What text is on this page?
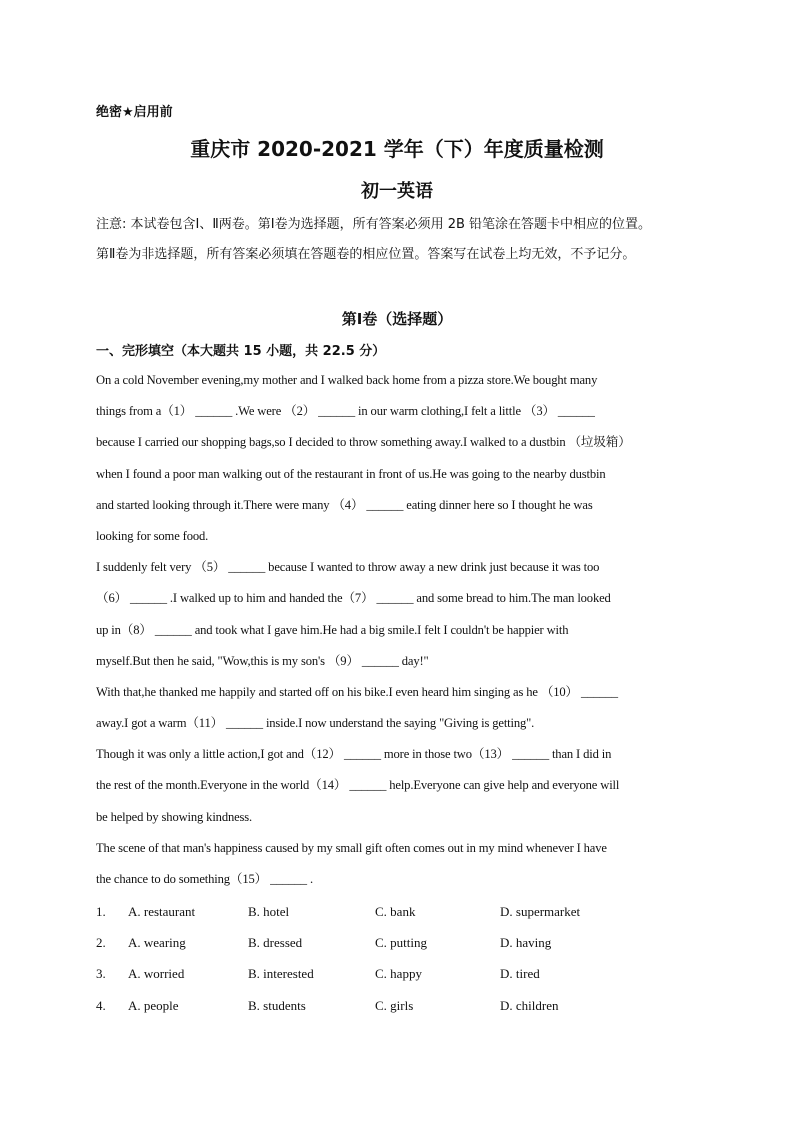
绝密★启用前
重庆市 2020-2021 学年（下）年度质量检测
初一英语
注意: 本试卷包含Ⅰ、Ⅱ两卷。第Ⅰ卷为选择题，所有答案必须用 2B 铅笔涂在答题卡中相应的位置。
第Ⅱ卷为非选择题，所有答案必须填在答题卷的相应位置。答案写在试卷上均无效，不予记分。
第Ⅰ卷（选择题）
一、完形填空（本大题共 15 小题，共 22.5 分）
On a cold November evening,my mother and I walked back home from a pizza store.We bought many
things from a（1） ______ .We were （2） ______ in our warm clothing,I felt a little （3） ______
because I carried our shopping bags,so I decided to throw something away.I walked to a dustbin （垃圾箱）
when I found a poor man walking out of the restaurant in front of us.He was going to the nearby dustbin
and started looking through it.There were many （4） ______ eating dinner here so I thought he was
looking for some food.
I suddenly felt very （5） ______ because I wanted to throw away a new drink just because it was too
（6） ______ .I walked up to him and handed the（7） ______ and some bread to him.The man looked
up in（8） ______ and took what I gave him.He had a big smile.I felt I couldn't be happier with
myself.But then he said, "Wow,this is my son's （9） ______ day!"
With that,he thanked me happily and started off on his bike.I even heard him singing as he （10） ______
away.I got a warm（11） ______ inside.I now understand the saying "Giving is getting".
Though it was only a little action,I got and（12） ______ more in those two（13） ______ than I did in
the rest of the month.Everyone in the world（14） ______ help.Everyone can give help and everyone will
be helped by showing kindness.
The scene of that man's happiness caused by my small gift often comes out in my mind whenever I have
the chance to do something（15） ______ .
1. A. restaurant	B. hotel	C. bank	D. supermarket
2. A. wearing	B. dressed	C. putting	D. having
3. A. worried	B. interested	C. happy	D. tired
4. A. people	B. students	C. girls	D. children
